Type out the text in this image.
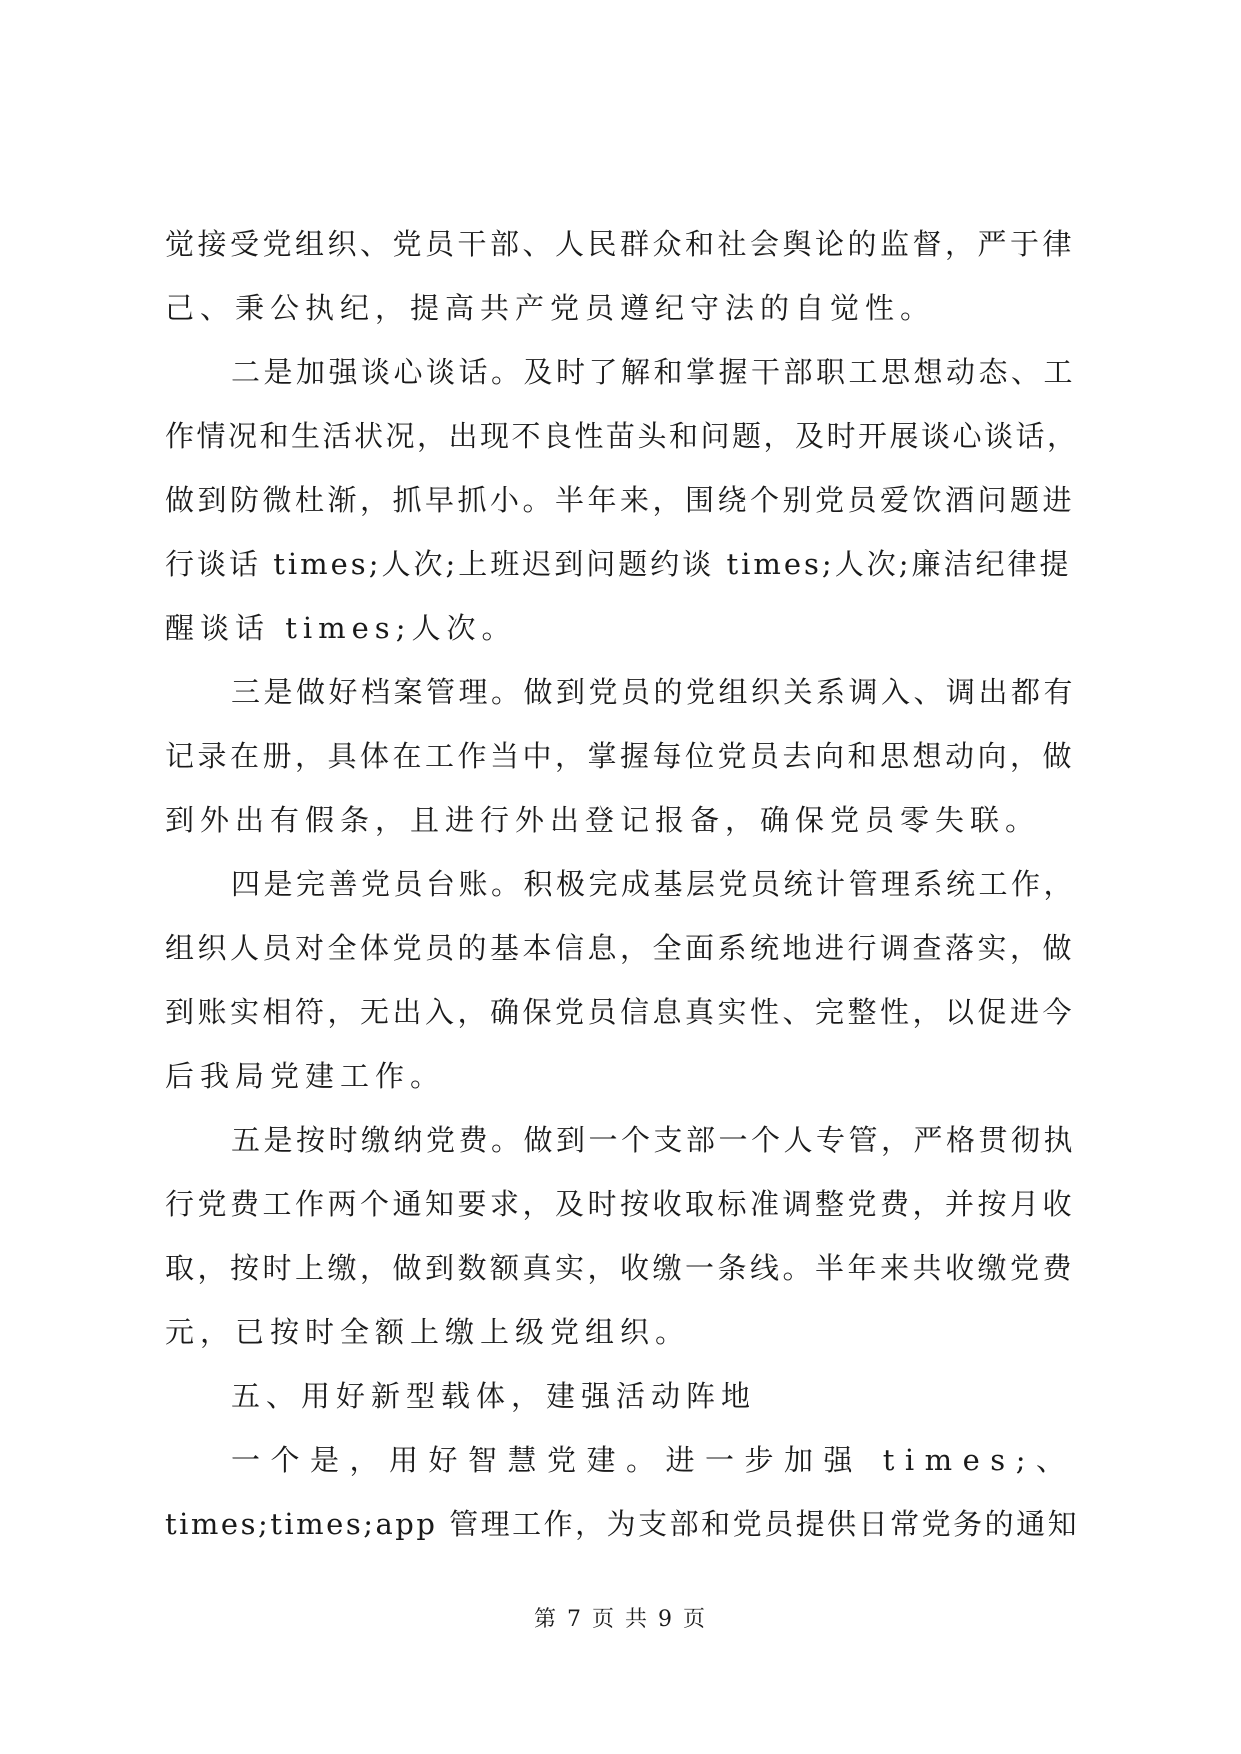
觉接受党组织、党员干部、人民群众和社会舆论的监督，严于律
己、秉公执纪，提高共产党员遵纪守法的自觉性。
二是加强谈心谈话。及时了解和掌握干部职工思想动态、工
作情况和生活状况，出现不良性苗头和问题，及时开展谈心谈话，
做到防微杜渐，抓早抓小。半年来，围绕个别党员爱饮酒问题进
行谈话 times;人次;上班迟到问题约谈 times;人次;廉洁纪律提
醒谈话 times;人次。
三是做好档案管理。做到党员的党组织关系调入、调出都有
记录在册，具体在工作当中，掌握每位党员去向和思想动向，做
到外出有假条，且进行外出登记报备，确保党员零失联。
四是完善党员台账。积极完成基层党员统计管理系统工作，
组织人员对全体党员的基本信息，全面系统地进行调查落实，做
到账实相符，无出入，确保党员信息真实性、完整性，以促进今
后我局党建工作。
五是按时缴纳党费。做到一个支部一个人专管，严格贯彻执
行党费工作两个通知要求，及时按收取标准调整党费，并按月收
取，按时上缴，做到数额真实，收缴一条线。半年来共收缴党费
元，已按时全额上缴上级党组织。
五、用好新型载体，建强活动阵地
一个是，用好智慧党建。进一步加强 times;、
times;times;app 管理工作，为支部和党员提供日常党务的通知
第 7 页 共 9 页
